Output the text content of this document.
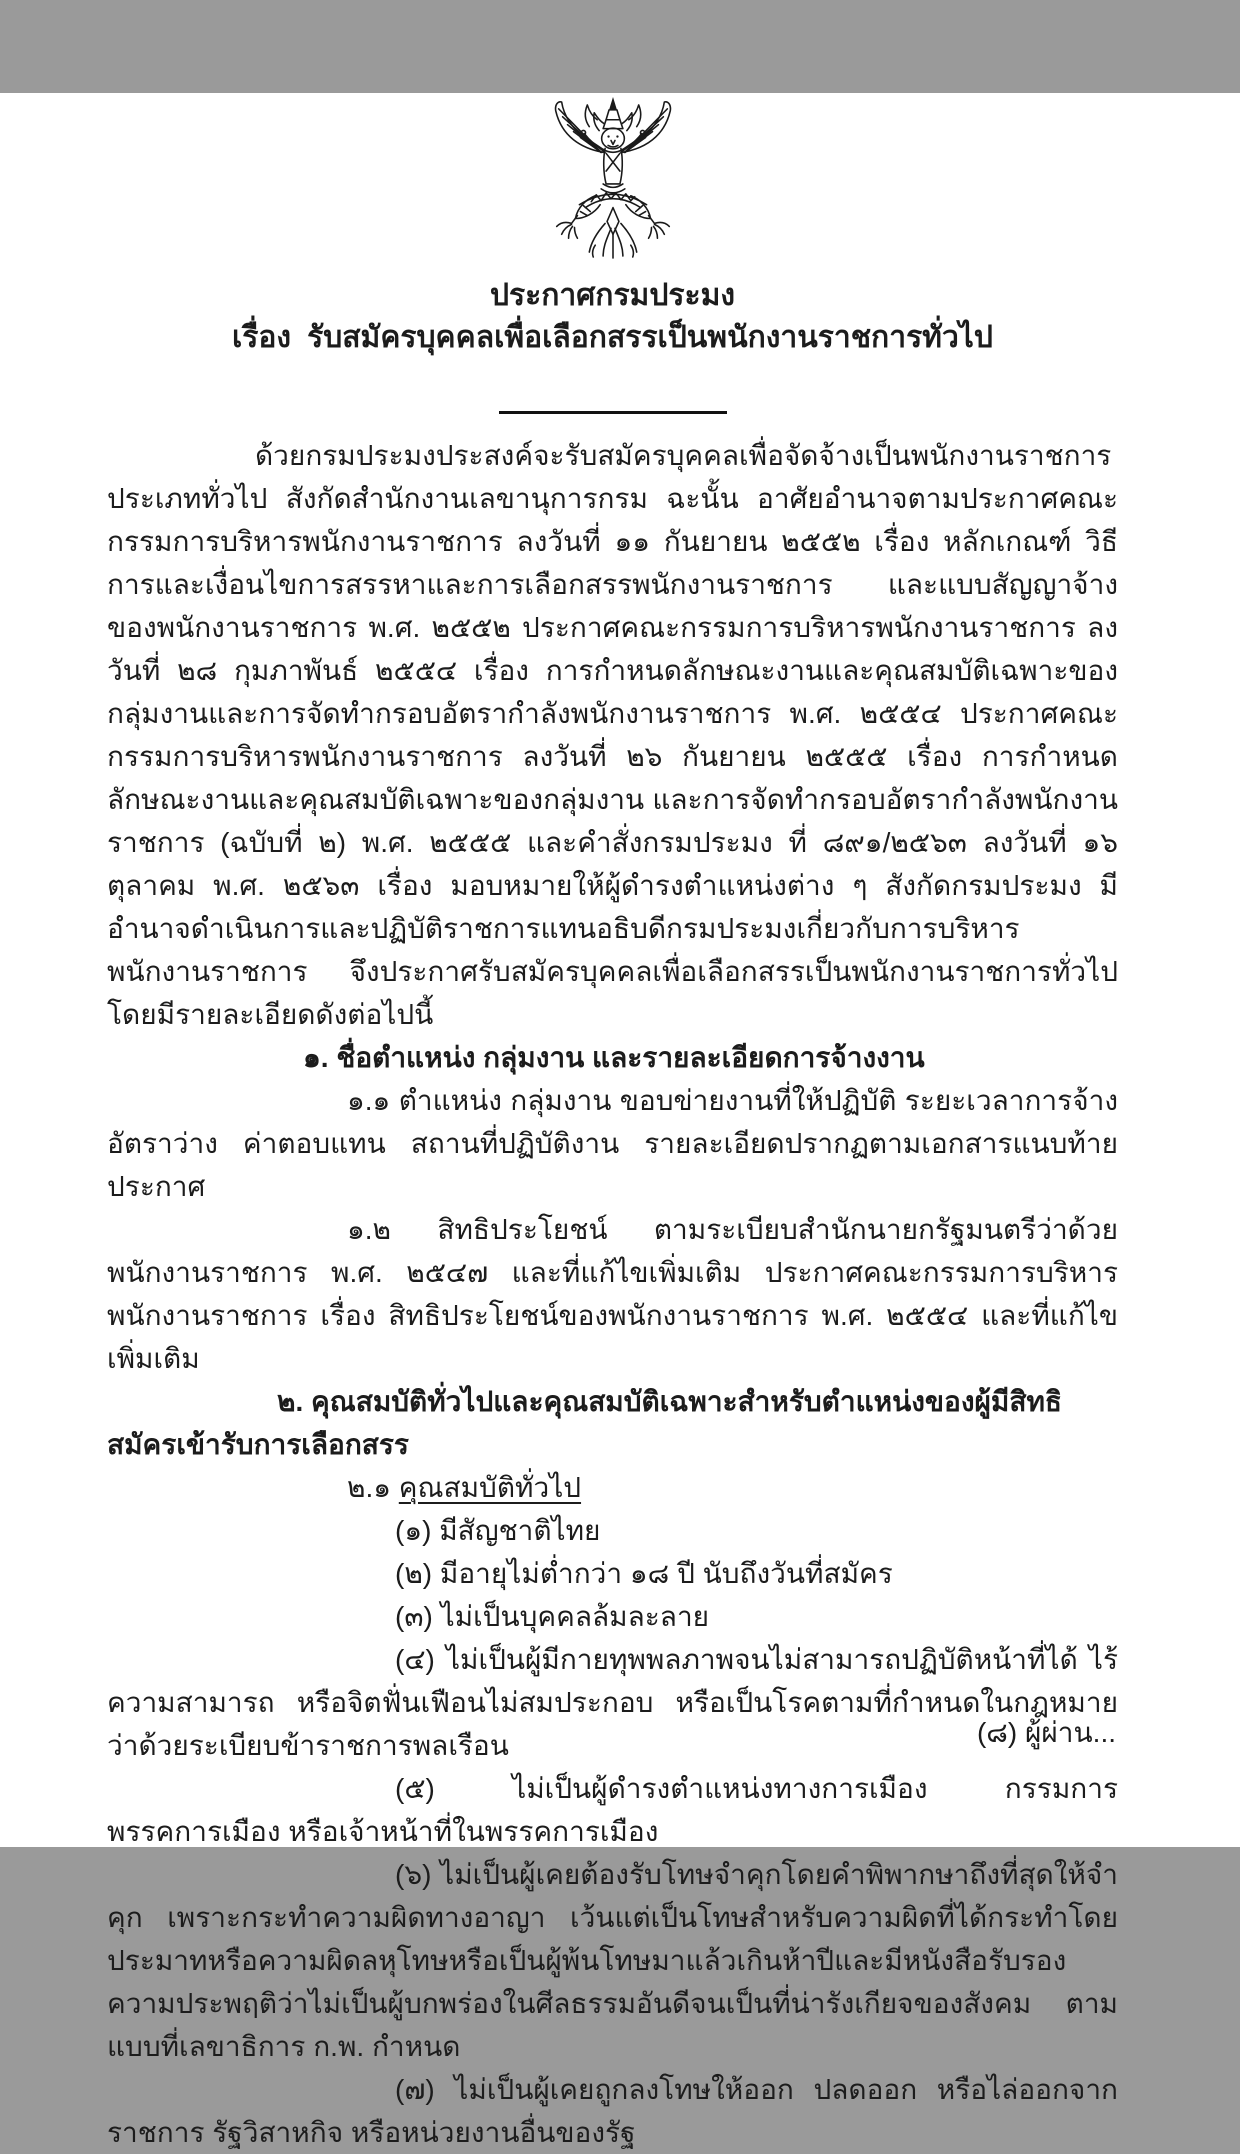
ประกาศกรมประมง
เรื่อง รับสมัครบุคคลเพื่อเลือกสรรเป็นพนักงานราชการทั่วไป

ด้วยกรมประมงประสงค์จะรับสมัครบุคคลเพื่อจัดจ้างเป็นพนักงานราชการประเภททั่วไป สังกัดสำนักงานเลขานุการกรม ฉะนั้น อาศัยอำนาจตามประกาศคณะกรรมการบริหารพนักงานราชการ ลงวันที่ ๑๑ กันยายน ๒๕๕๒ เรื่อง หลักเกณฑ์ วิธีการและเงื่อนไขการสรรหาและการเลือกสรรพนักงานราชการ และแบบสัญญาจ้างของพนักงานราชการ พ.ศ. ๒๕๕๒ ประกาศคณะกรรมการบริหารพนักงานราชการ ลงวันที่ ๒๘ กุมภาพันธ์ ๒๕๕๔ เรื่อง การกำหนดลักษณะงานและคุณสมบัติเฉพาะของกลุ่มงานและการจัดทำกรอบอัตรากำลังพนักงานราชการ พ.ศ. ๒๕๕๔ ประกาศคณะกรรมการบริหารพนักงานราชการ ลงวันที่ ๒๖ กันยายน ๒๕๕๕ เรื่อง การกำหนดลักษณะงานและคุณสมบัติเฉพาะของกลุ่มงาน และการจัดทำกรอบอัตรากำลังพนักงานราชการ (ฉบับที่ ๒) พ.ศ. ๒๕๕๕ และคำสั่งกรมประมง ที่ ๘๙๑/๒๕๖๓ ลงวันที่ ๑๖ ตุลาคม พ.ศ. ๒๕๖๓ เรื่อง มอบหมายให้ผู้ดำรงตำแหน่งต่าง ๆ สังกัดกรมประมง มีอำนาจดำเนินการและปฏิบัติราชการแทนอธิบดีกรมประมงเกี่ยวกับการบริหารพนักงานราชการ จึงประกาศรับสมัครบุคคลเพื่อเลือกสรรเป็นพนักงานราชการทั่วไป โดยมีรายละเอียดดังต่อไปนี้

๑. ชื่อตำแหน่ง กลุ่มงาน และรายละเอียดการจ้างงาน

๑.๑ ตำแหน่ง กลุ่มงาน ขอบข่ายงานที่ให้ปฏิบัติ ระยะเวลาการจ้าง อัตราว่าง ค่าตอบแทน สถานที่ปฏิบัติงาน รายละเอียดปรากฏตามเอกสารแนบท้ายประกาศ

๑.๒ สิทธิประโยชน์ ตามระเบียบสำนักนายกรัฐมนตรีว่าด้วยพนักงานราชการ พ.ศ. ๒๕๔๗ และที่แก้ไขเพิ่มเติม ประกาศคณะกรรมการบริหารพนักงานราชการ เรื่อง สิทธิประโยชน์ของพนักงานราชการ พ.ศ. ๒๕๕๔ และที่แก้ไขเพิ่มเติม

๒. คุณสมบัติทั่วไปและคุณสมบัติเฉพาะสำหรับตำแหน่งของผู้มีสิทธิสมัครเข้ารับการเลือกสรร

๒.๑ คุณสมบัติทั่วไป

(๑) มีสัญชาติไทย

(๒) มีอายุไม่ต่ำกว่า ๑๘ ปี นับถึงวันที่สมัคร

(๓) ไม่เป็นบุคคลล้มละลาย

(๔) ไม่เป็นผู้มีกายทุพพลภาพจนไม่สามารถปฏิบัติหน้าที่ได้ ไร้ความสามารถ หรือจิตฟั่นเฟือนไม่สมประกอบ หรือเป็นโรคตามที่กำหนดในกฎหมายว่าด้วยระเบียบข้าราชการพลเรือน

(๕) ไม่เป็นผู้ดำรงตำแหน่งทางการเมือง กรรมการพรรคการเมือง หรือเจ้าหน้าที่ในพรรคการเมือง

(๖) ไม่เป็นผู้เคยต้องรับโทษจำคุกโดยคำพิพากษาถึงที่สุดให้จำคุก เพราะกระทำความผิดทางอาญา เว้นแต่เป็นโทษสำหรับความผิดที่ได้กระทำโดยประมาทหรือความผิดลหุโทษหรือเป็นผู้พ้นโทษมาแล้วเกินห้าปีและมีหนังสือรับรองความประพฤติว่าไม่เป็นผู้บกพร่องในศีลธรรมอันดีจนเป็นที่น่ารังเกียจของสังคม ตามแบบที่เลขาธิการ ก.พ. กำหนด

(๗) ไม่เป็นผู้เคยถูกลงโทษให้ออก ปลดออก หรือไล่ออกจากราชการ รัฐวิสาหกิจ หรือหน่วยงานอื่นของรัฐ

(๘) ผู้ผ่าน...
